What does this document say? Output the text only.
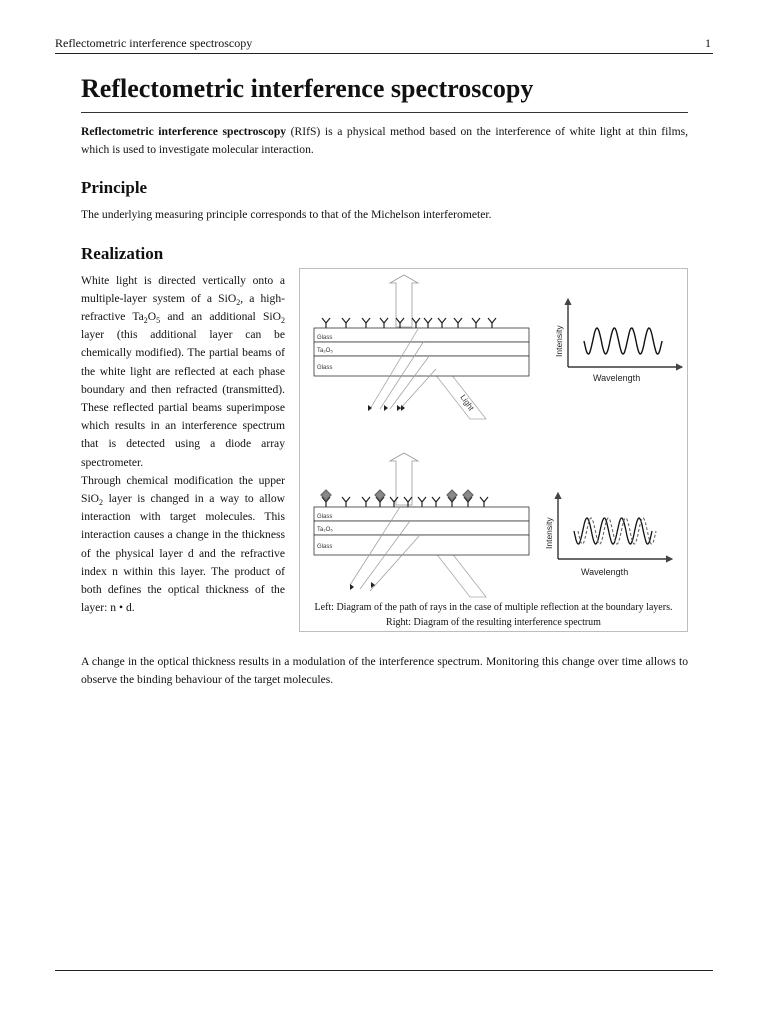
Reflectometric interference spectroscopy	1
Reflectometric interference spectroscopy

Reflectometric interference spectroscopy (RIfS) is a physical method based on the interference of white light at thin films, which is used to investigate molecular interaction.

Principle

The underlying measuring principle corresponds to that of the Michelson interferometer.

Realization

White light is directed vertically onto a multiple-layer system of a SiO$_2$, a high-refractive $Ta_2O_5$ and an additional SiO$_2$ layer (this additional layer can be chemically modified). The partial beams of the white light are reflected at each phase boundary and then refracted (transmitted). These reflected partial beams superimpose which results in an interference spectrum that is detected using a diode array spectrometer.

Through chemical modification the upper SiO$_2$ layer is changed in a way to allow interaction with target molecules. This interaction causes a change in the thickness of the physical layer d and the refractive index n within this layer. The product of both defines the optical thickness of the layer: n • d.

Glass
Ta₂O₅
Glass
Light
Intensity
Wavelength
Glass
Ta₂O₅
Glass	Intensity
Wavelength
Left: Diagram of the path of rays in the case of multiple reflection at the boundary layers.
Right: Diagram of the resulting interference spectrum

A change in the optical thickness results in a modulation of the interference spectrum. Monitoring this change over time allows to observe the binding behaviour of the target molecules.
